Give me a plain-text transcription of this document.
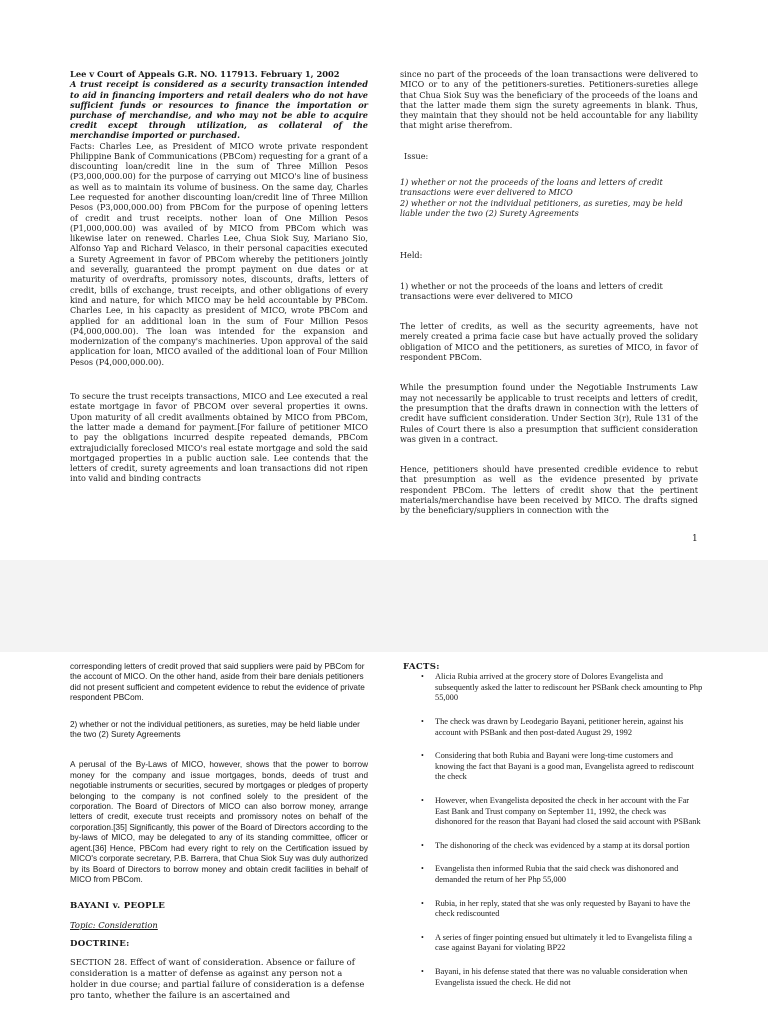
Lee v Court of Appeals G.R. NO. 117913. February 1, 2002

A trust receipt is considered as a security transaction intended to aid in financing importers and retail dealers who do not have sufficient funds or resources to finance the importation or purchase of merchandise, and who may not be able to acquire credit except through utilization, as collateral of the merchandise imported or purchased.

Facts: Charles Lee, as President of MICO wrote private respondent Philippine Bank of Communications (PBCom) requesting for a grant of a discounting loan/credit line in the sum of Three Million Pesos (P3,000,000.00) for the purpose of carrying out MICO's line of business as well as to maintain its volume of business. On the same day, Charles Lee requested for another discounting loan/credit line of Three Million Pesos (P3,000,000.00) from PBCom for the purpose of opening letters of credit and trust receipts. nother loan of One Million Pesos (P1,000,000.00) was availed of by MICO from PBCom which was likewise later on renewed. Charles Lee, Chua Siok Suy, Mariano Sio, Alfonso Yap and Richard Velasco, in their personal capacities executed a Surety Agreement in favor of PBCom whereby the petitioners jointly and severally, guaranteed the prompt payment on due dates or at maturity of overdrafts, promissory notes, discounts, drafts, letters of credit, bills of exchange, trust receipts, and other obligations of every kind and nature, for which MICO may be held accountable by PBCom. Charles Lee, in his capacity as president of MICO, wrote PBCom and applied for an additional loan in the sum of Four Million Pesos (P4,000,000.00). The loan was intended for the expansion and modernization of the company's machineries. Upon approval of the said application for loan, MICO availed of the additional loan of Four Million Pesos (P4,000,000.00).

To secure the trust receipts transactions, MICO and Lee executed a real estate mortgage in favor of PBCOM over several properties it owns. Upon maturity of all credit availments obtained by MICO from PBCom, the latter made a demand for payment.[For failure of petitioner MICO to pay the obligations incurred despite repeated demands, PBCom extrajudicially foreclosed MICO's real estate mortgage and sold the said mortgaged properties in a public auction sale. Lee contends that the letters of credit, surety agreements and loan transactions did not ripen into valid and binding contracts

since no part of the proceeds of the loan transactions were delivered to MICO or to any of the petitioners-sureties. Petitioners-sureties allege that Chua Siok Suy was the beneficiary of the proceeds of the loans and that the latter made them sign the surety agreements in blank. Thus, they maintain that they should not be held accountable for any liability that might arise therefrom.

Issue:

1) whether or not the proceeds of the loans and letters of credit transactions were ever delivered to MICO

2) whether or not the individual petitioners, as sureties, may be held liable under the two (2) Surety Agreements

Held:

1) whether or not the proceeds of the loans and letters of credit transactions were ever delivered to MICO

The letter of credits, as well as the security agreements, have not merely created a prima facie case but have actually proved the solidary obligation of MICO and the petitioners, as sureties of MICO, in favor of respondent PBCom.

While the presumption found under the Negotiable Instruments Law may not necessarily be applicable to trust receipts and letters of credit, the presumption that the drafts drawn in connection with the letters of credit have sufficient consideration. Under Section 3(r), Rule 131 of the Rules of Court there is also a presumption that sufficient consideration was given in a contract.

Hence, petitioners should have presented credible evidence to rebut that presumption as well as the evidence presented by private respondent PBCom. The letters of credit show that the pertinent materials/merchandise have been received by MICO. The drafts signed by the beneficiary/suppliers in connection with the

1

corresponding letters of credit proved that said suppliers were paid by PBCom for the account of MICO. On the other hand, aside from their bare denials petitioners did not present sufficient and competent evidence to rebut the evidence of private respondent PBCom.

2) whether or not the individual petitioners, as sureties, may be held liable under the two (2) Surety Agreements

A perusal of the By-Laws of MICO, however, shows that the power to borrow money for the company and issue mortgages, bonds, deeds of trust and negotiable instruments or securities, secured by mortgages or pledges of property belonging to the company is not confined solely to the president of the corporation. The Board of Directors of MICO can also borrow money, arrange letters of credit, execute trust receipts and promissory notes on behalf of the corporation.[35] Significantly, this power of the Board of Directors according to the by-laws of MICO, may be delegated to any of its standing committee, officer or agent.[36] Hence, PBCom had every right to rely on the Certification issued by MICO's corporate secretary, P.B. Barrera, that Chua Siok Suy was duly authorized by its Board of Directors to borrow money and obtain credit facilities in behalf of MICO from PBCom.

BAYANI v. PEOPLE

Topic: Consideration

DOCTRINE:

SECTION 28. Effect of want of consideration. Absence or failure of consideration is a matter of defense as against any person not a holder in due course; and partial failure of consideration is a defense pro tanto, whether the failure is an ascertained and

FACTS:

• Alicia Rubia arrived at the grocery store of Dolores Evangelista and subsequently asked the latter to rediscount her PSBank check amounting to Php 55,000
• The check was drawn by Leodegario Bayani, petitioner herein, against his account with PSBank and then post-dated August 29, 1992
• Considering that both Rubia and Bayani were long-time customers and knowing the fact that Bayani is a good man, Evangelista agreed to rediscount the check
• However, when Evangelista deposited the check in her account with the Far East Bank and Trust company on September 11, 1992, the check was dishonored for the reason that Bayani had closed the said account with PSBank
• The dishonoring of the check was evidenced by a stamp at its dorsal portion
• Evangelista then informed Rubia that the said check was dishonored and demanded the return of her Php 55,000
• Rubia, in her reply, stated that she was only requested by Bayani to have the check rediscounted
• A series of finger pointing ensued but ultimately it led to Evangelista filing a case against Bayani for violating BP22
• Bayani, in his defense stated that there was no valuable consideration when Evangelista issued the check. He did not
